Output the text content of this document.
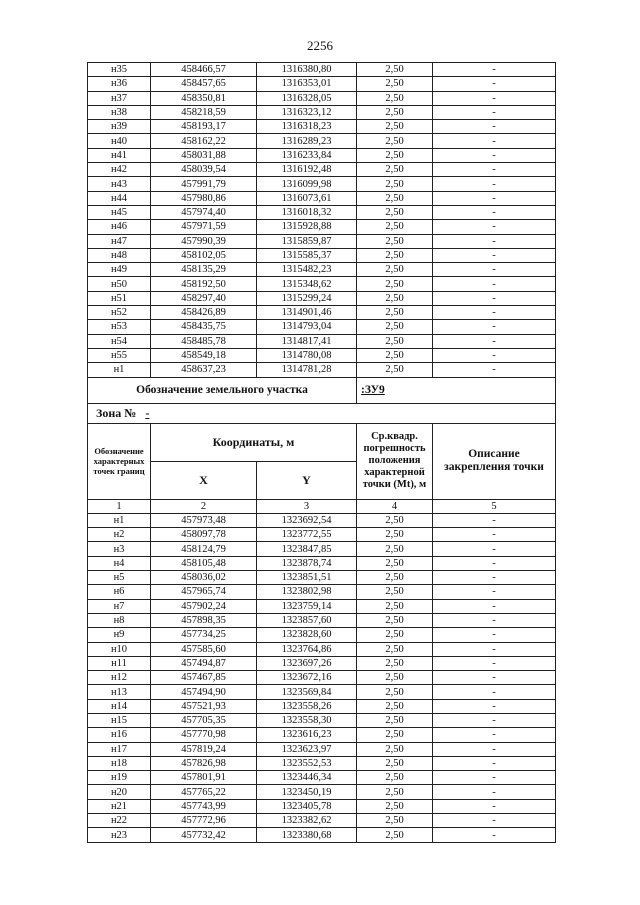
2256
н35	458466,57	1316380,80	2,50	-
н36	458457,65	1316353,01	2,50	-
н37	458350,81	1316328,05	2,50	-
н38	458218,59	1316323,12	2,50	-
н39	458193,17	1316318,23	2,50	-
н40	458162,22	1316289,23	2,50	-
н41	458031,88	1316233,84	2,50	-
н42	458039,54	1316192,48	2,50	-
н43	457991,79	1316099,98	2,50	-
н44	457980,86	1316073,61	2,50	-
н45	457974,40	1316018,32	2,50	-
н46	457971,59	1315928,88	2,50	-
н47	457990,39	1315859,87	2,50	-
н48	458102,05	1315585,37	2,50	-
н49	458135,29	1315482,23	2,50	-
н50	458192,50	1315348,62	2,50	-
н51	458297,40	1315299,24	2,50	-
н52	458426,89	1314901,46	2,50	-
н53	458435,75	1314793,04	2,50	-
н54	458485,78	1314817,41	2,50	-
н55	458549,18	1314780,08	2,50	-
н1	458637,23	1314781,28	2,50	-
Обозначение земельного участка			:ЗУ9	
Зона № -				
Обозначение характерных точек границ	Координаты, м		Ср.квадр. погрешность положения характерной точки (Mt), м	Описание закрепления точки
	X	Y		
1	2	3	4	5
н1	457973,48	1323692,54	2,50	-
н2	458097,78	1323772,55	2,50	-
н3	458124,79	1323847,85	2,50	-
н4	458105,48	1323878,74	2,50	-
н5	458036,02	1323851,51	2,50	-
н6	457965,74	1323802,98	2,50	-
н7	457902,24	1323759,14	2,50	-
н8	457898,35	1323857,60	2,50	-
н9	457734,25	1323828,60	2,50	-
н10	457585,60	1323764,86	2,50	-
н11	457494,87	1323697,26	2,50	-
н12	457467,85	1323672,16	2,50	-
н13	457494,90	1323569,84	2,50	-
н14	457521,93	1323558,26	2,50	-
н15	457705,35	1323558,30	2,50	-
н16	457770,98	1323616,23	2,50	-
н17	457819,24	1323623,97	2,50	-
н18	457826,98	1323552,53	2,50	-
н19	457801,91	1323446,34	2,50	-
н20	457765,22	1323450,19	2,50	-
н21	457743,99	1323405,78	2,50	-
н22	457772,96	1323382,62	2,50	-
н23	457732,42	1323380,68	2,50	-
